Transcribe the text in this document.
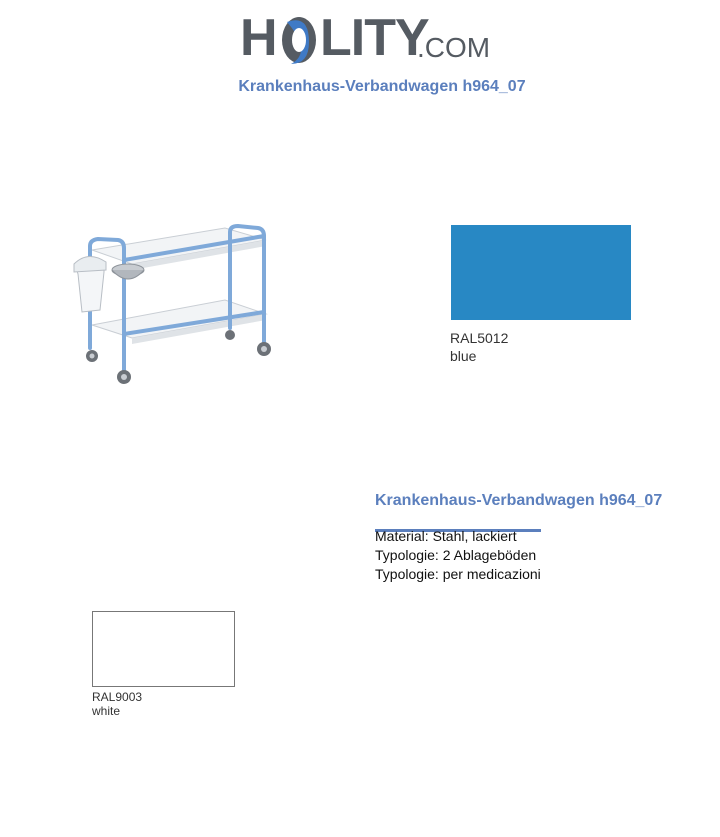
H LITY
.COM
Krankenhaus-Verbandwagen h964_07
RAL5012
blue
Krankenhaus-Verbandwagen h964_07
Material: Stahl, lackiert
Typologie: 2 Ablageböden
Typologie: per medicazioni
RAL9003
white
